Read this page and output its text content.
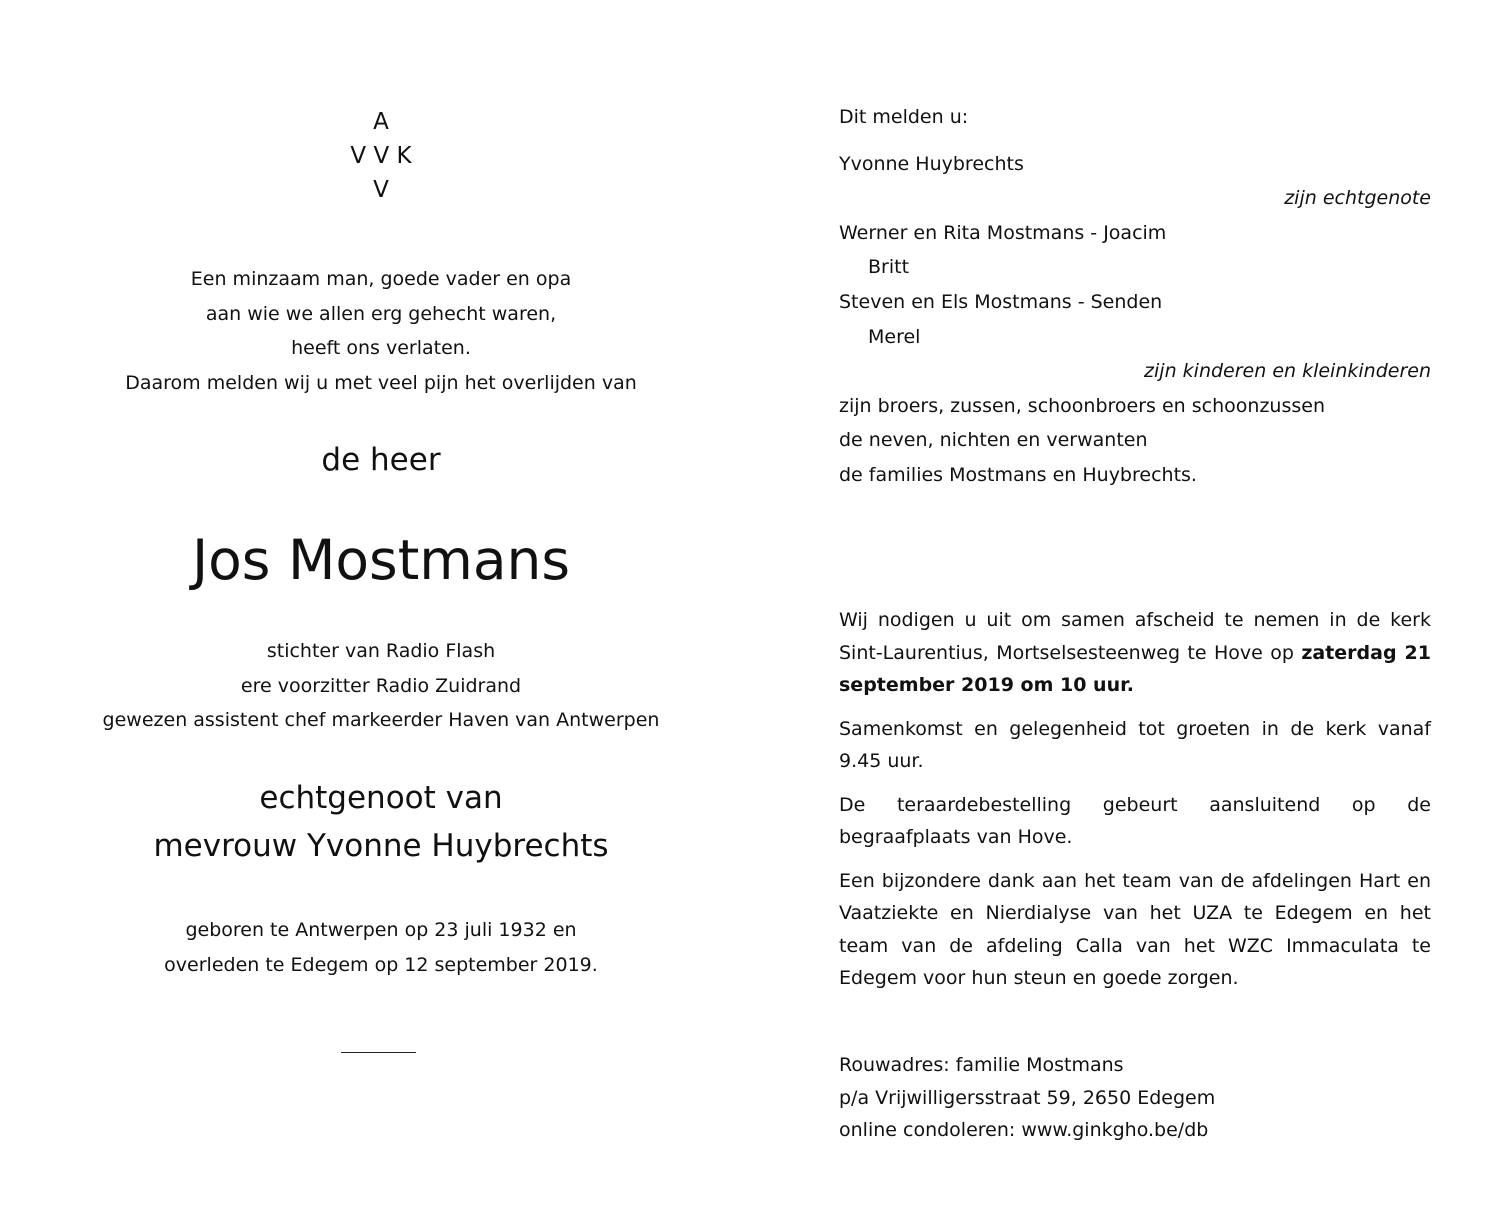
A
V V K
V
Een minzaam man, goede vader en opa
aan wie we allen erg gehecht waren,
heeft ons verlaten.
Daarom melden wij u met veel pijn het overlijden van
de heer
Jos Mostmans
stichter van Radio Flash
ere voorzitter Radio Zuidrand
gewezen assistent chef markeerder Haven van Antwerpen
echtgenoot van
mevrouw Yvonne Huybrechts
geboren te Antwerpen op 23 juli 1932 en
overleden te Edegem op 12 september 2019.
Dit melden u:
Yvonne Huybrechts
zijn echtgenote
Werner en Rita Mostmans - Joacim
Britt
Steven en Els Mostmans - Senden
Merel
zijn kinderen en kleinkinderen
zijn broers, zussen, schoonbroers en schoonzussen
de neven, nichten en verwanten
de families Mostmans en Huybrechts.

Wij nodigen u uit om samen afscheid te nemen in de kerk Sint-Laurentius, Mortselsesteenweg te Hove op zaterdag 21 september 2019 om 10 uur.

Samenkomst en gelegenheid tot groeten in de kerk vanaf 9.45 uur.

De teraardebestelling gebeurt aansluitend op de begraafplaats van Hove.

Een bijzondere dank aan het team van de afdelingen Hart en Vaatziekte en Nierdialyse van het UZA te Edegem en het team van de afdeling Calla van het WZC Immaculata te Edegem voor hun steun en goede zorgen.

Rouwadres: familie Mostmans
p/a Vrijwilligersstraat 59, 2650 Edegem
online condoleren: www.ginkgho.be/db
